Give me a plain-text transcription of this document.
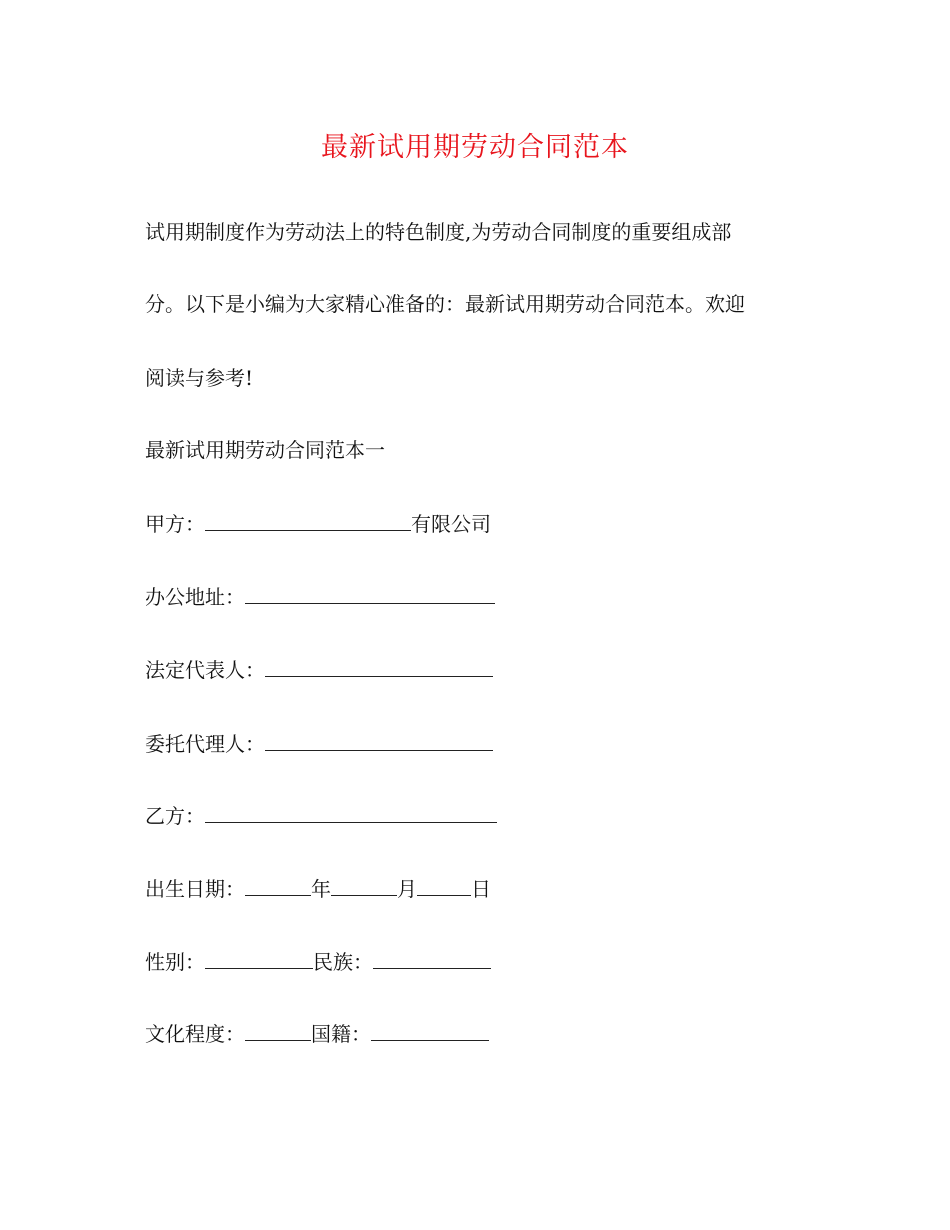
最新试用期劳动合同范本
试用期制度作为劳动法上的特色制度,为劳动合同制度的重要组成部
分。以下是小编为大家精心准备的：最新试用期劳动合同范本。欢迎
阅读与参考!
最新试用期劳动合同范本一
甲方：	有限公司
办公地址：
法定代表人：
委托代理人：
乙方：
出生日期：	年	月	日
性别：	民族：
文化程度：	国籍：
